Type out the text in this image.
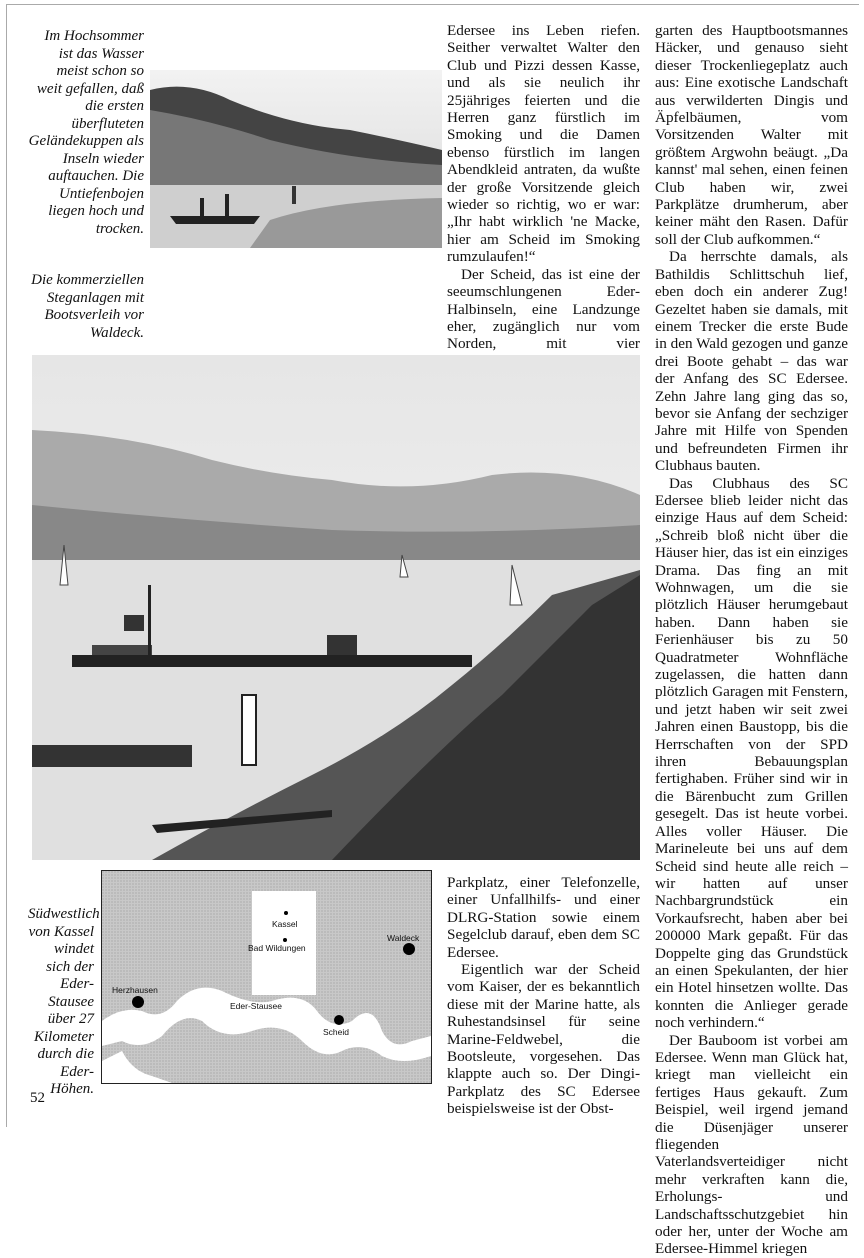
Im Hochsommer ist das Wasser meist schon so weit gefallen, daß die ersten überfluteten Geländekuppen als Inseln wieder auftauchen. Die Untiefenbojen liegen hoch und trocken.
Die kommerziellen Steganlagen mit Bootsverleih vor Waldeck.

Edersee ins Leben riefen. Seither verwaltet Walter den Club und Pizzi dessen Kasse, und als sie neulich ihr 25jähriges feierten und die Herren ganz fürstlich im Smoking und die Damen ebenso fürstlich im langen Abendkleid antraten, da wußte der große Vorsitzende gleich wieder so richtig, wo er war: „Ihr habt wirklich 'ne Macke, hier am Scheid im Smoking rumzulaufen!“

Der Scheid, das ist eine der seeumschlungenen Eder-Halbinseln, eine Landzunge eher, zugänglich nur vom Norden, mit vier

garten des Hauptbootsmannes Häcker, und genauso sieht dieser Trockenliegeplatz auch aus: Eine exotische Landschaft aus verwilderten Dingis und Äpfelbäumen, vom Vorsitzenden Walter mit größtem Argwohn beäugt. „Da kannst' mal sehen, einen feinen Club haben wir, zwei Parkplätze drumherum, aber keiner mäht den Rasen. Dafür soll der Club aufkommen.“

Da herrschte damals, als Bathildis Schlittschuh lief, eben doch ein anderer Zug! Gezeltet haben sie damals, mit einem Trecker die erste Bude in den Wald gezogen und ganze drei Boote gehabt – das war der Anfang des SC Edersee. Zehn Jahre lang ging das so, bevor sie Anfang der sechziger Jahre mit Hilfe von Spenden und befreundeten Firmen ihr Clubhaus bauten.

Das Clubhaus des SC Edersee blieb leider nicht das einzige Haus auf dem Scheid: „Schreib bloß nicht über die Häuser hier, das ist ein einziges Drama. Das fing an mit Wohnwagen, um die sie plötzlich Häuser herumgebaut haben. Dann haben sie Ferienhäuser bis zu 50 Quadratmeter Wohnfläche zugelassen, die hatten dann plötzlich Garagen mit Fenstern, und jetzt haben wir seit zwei Jahren einen Baustopp, bis die Herrschaften von der SPD ihren Bebauungsplan fertighaben. Früher sind wir in die Bärenbucht zum Grillen gesegelt. Das ist heute vorbei. Alles voller Häuser. Die Marineleute bei uns auf dem Scheid sind heute alle reich – wir hatten auf unser Nachbargrundstück ein Vorkaufsrecht, haben aber bei 200000 Mark gepaßt. Für das Doppelte ging das Grundstück an einen Spekulanten, der hier ein Hotel hinsetzen wollte. Das konnten die Anlieger gerade noch verhindern.“

Der Bauboom ist vorbei am Edersee. Wenn man Glück hat, kriegt man vielleicht ein fertiges Haus gekauft. Zum Beispiel, weil irgend jemand die Düsenjäger unserer fliegenden Vaterlandsverteidiger nicht mehr verkraften kann die, Erholungs- und Landschaftsschutzgebiet hin oder her, unter der Woche am Edersee-Himmel kriegen

Südwestlich von Kassel windet sich der Eder-Stausee über 27 Kilometer durch die Eder-Höhen.
Kassel
Bad Wildungen
Waldeck
Herzhausen
Eder-Stausee
Scheid

Parkplatz, einer Telefonzelle, einer Unfallhilfs- und einer DLRG-Station sowie einem Segelclub darauf, eben dem SC Edersee.

Eigentlich war der Scheid vom Kaiser, der es bekanntlich diese mit der Marine hatte, als Ruhestandsinsel für seine Marine-Feldwebel, die Bootsleute, vorgesehen. Das klappte auch so. Der Dingi-Parkplatz des SC Edersee beispielsweise ist der Obst-

52
